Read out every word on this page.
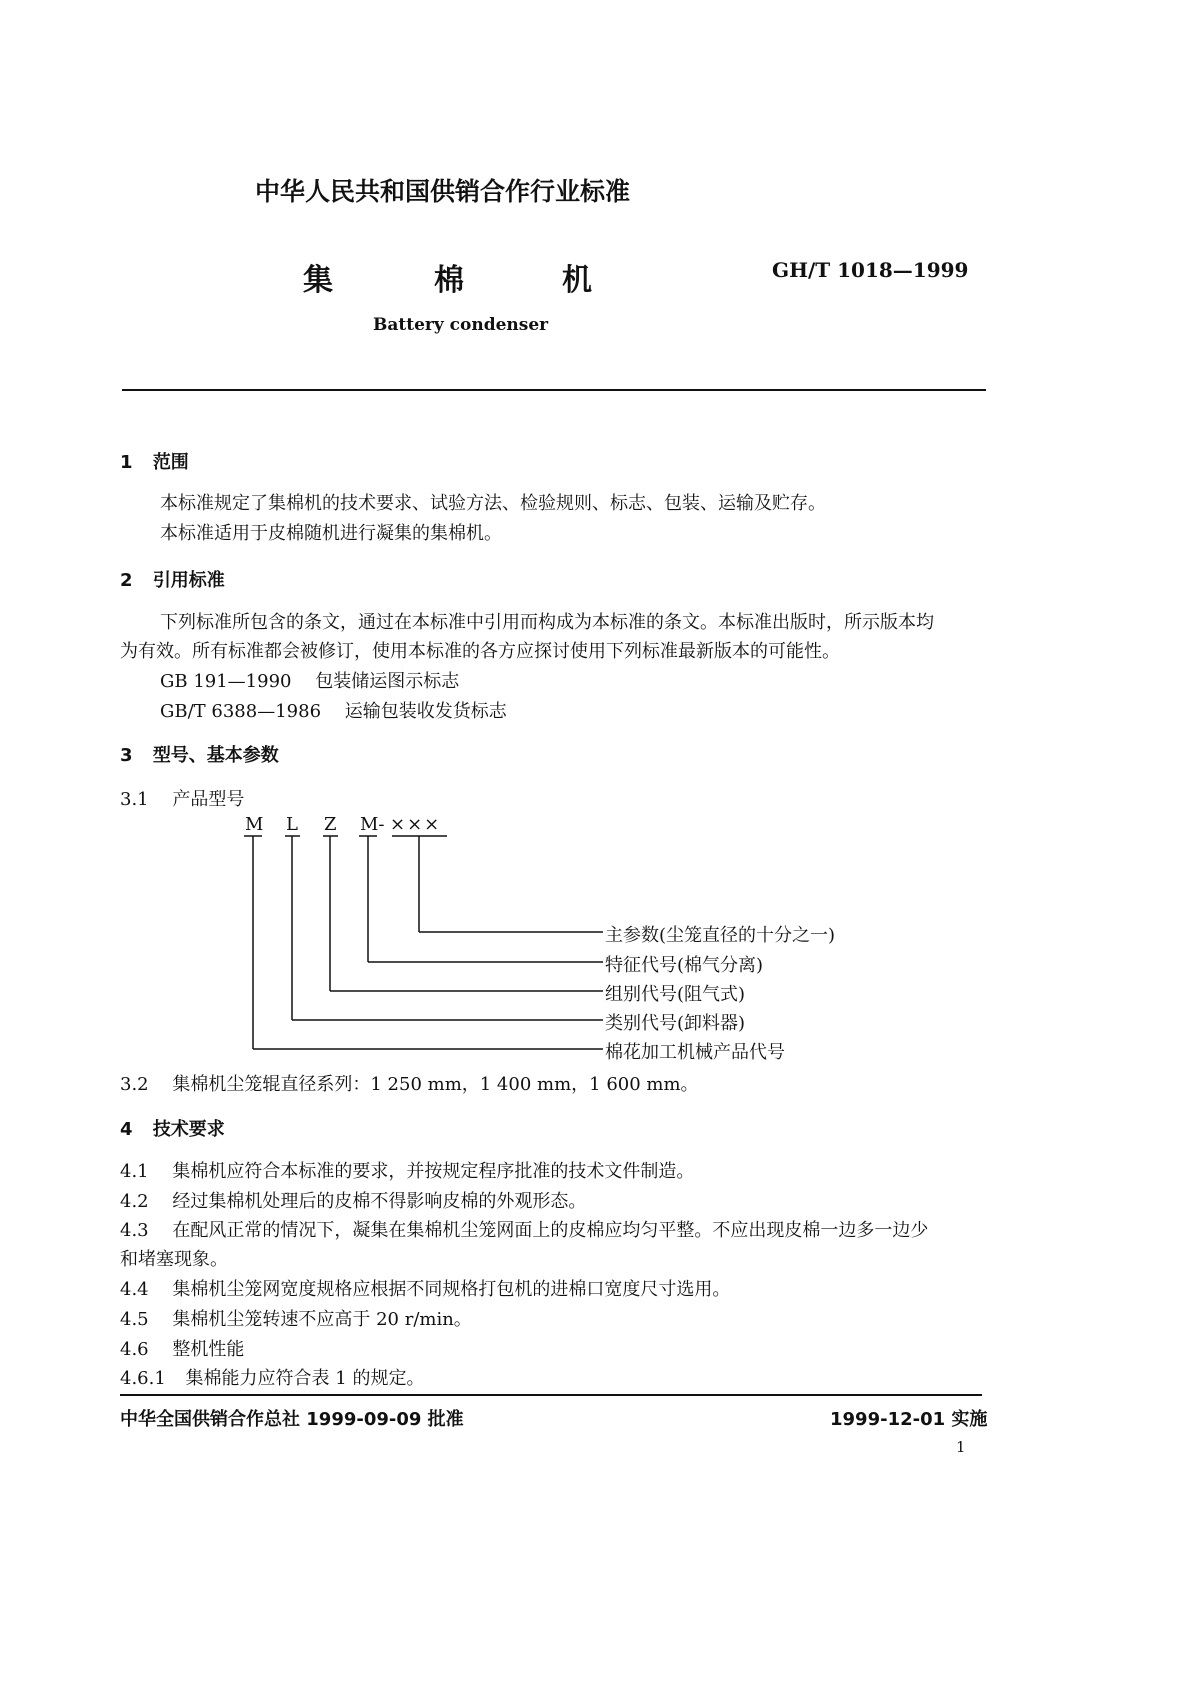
中华人民共和国供销合作行业标准
集	棉	机	GH/T 1018—1999
Battery condenser
1 范围
本标准规定了集棉机的技术要求、试验方法、检验规则、标志、包装、运输及贮存。
本标准适用于皮棉随机进行凝集的集棉机。
2 引用标准
下列标准所包含的条文，通过在本标准中引用而构成为本标准的条文。本标准出版时，所示版本均
为有效。所有标准都会被修订，使用本标准的各方应探讨使用下列标准最新版本的可能性。
GB 191—1990 包装储运图示标志
GB/T 6388—1986 运输包装收发货标志
3 型号、基本参数
3.1 产品型号
M L Z M- ×××
主参数(尘笼直径的十分之一)
特征代号(棉气分离)
组别代号(阻气式)
类别代号(卸料器)
棉花加工机械产品代号
3.2 集棉机尘笼辊直径系列：1 250 mm，1 400 mm，1 600 mm。
4 技术要求
4.1 集棉机应符合本标准的要求，并按规定程序批准的技术文件制造。
4.2 经过集棉机处理后的皮棉不得影响皮棉的外观形态。
4.3 在配风正常的情况下，凝集在集棉机尘笼网面上的皮棉应均匀平整。不应出现皮棉一边多一边少
和堵塞现象。
4.4 集棉机尘笼网宽度规格应根据不同规格打包机的进棉口宽度尺寸选用。
4.5 集棉机尘笼转速不应高于 20 r/min。
4.6 整机性能
4.6.1 集棉能力应符合表 1 的规定。
中华全国供销合作总社 1999-09-09 批准	1999-12-01 实施
1
